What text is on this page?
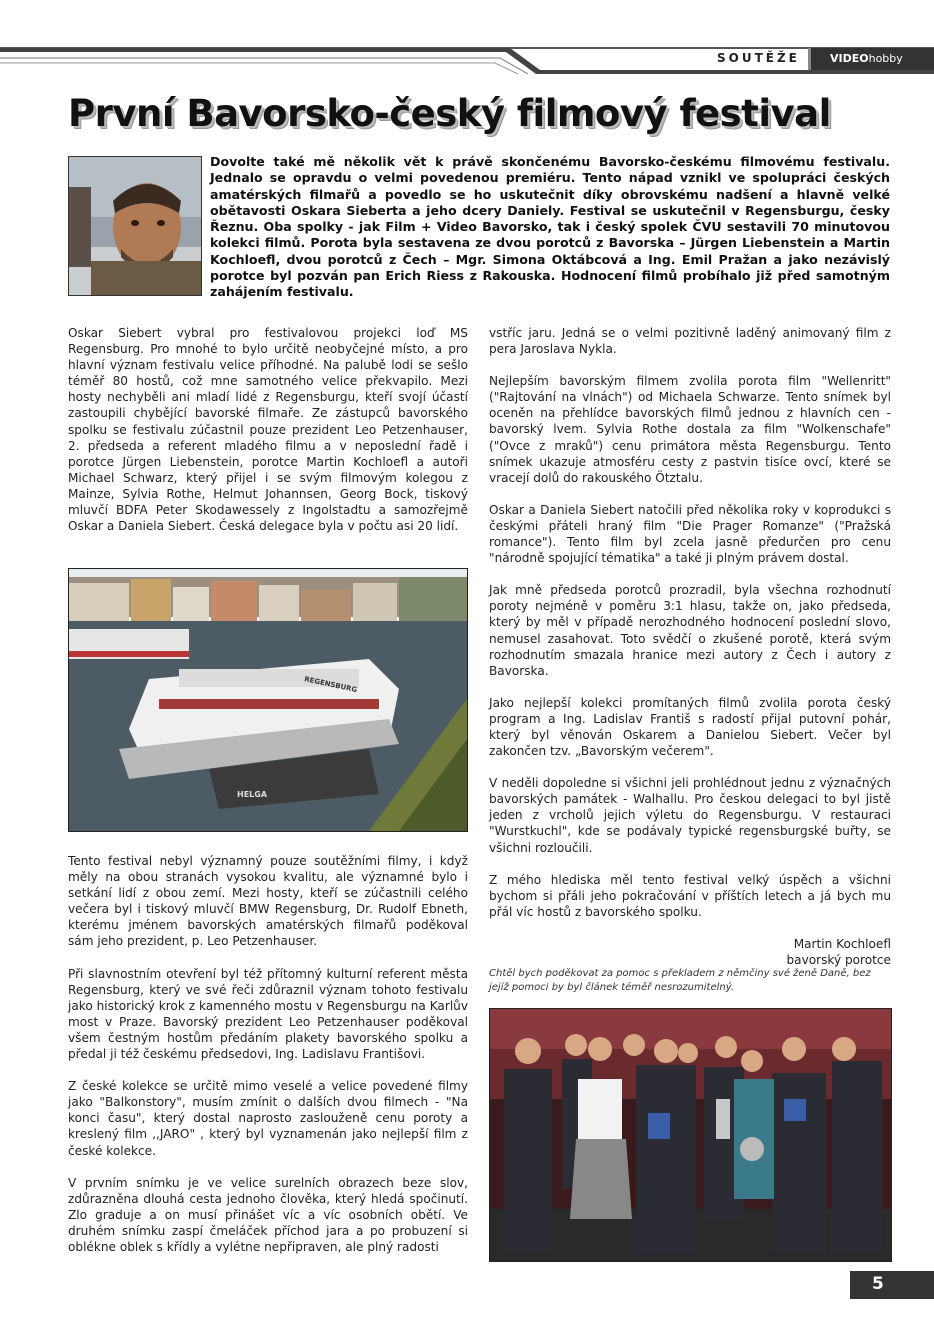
SOUTĚŽE	VIDEOhobby
První Bavorsko-český filmový festival
Dovolte také mě několik vět k právě skončenému Bavorsko-českému filmovému festivalu. Jednalo se opravdu o velmi povedenou premiéru. Tento nápad vznikl ve spolupráci českých amatérských filmařů a povedlo se ho uskutečnit díky obrovskému nadšení a hlavně velké obětavosti Oskara Sieberta a jeho dcery Daniely. Festival se uskutečnil v Regensburgu, česky Řeznu. Oba spolky - jak Film + Video Bavorsko, tak i český spolek ČVU sestavili 70 minutovou kolekci filmů. Porota byla sestavena ze dvou porotců z Bavorska – Jürgen Liebenstein a Martin Kochloefl, dvou porotců z Čech – Mgr. Simona Oktábcová a Ing. Emil Pražan a jako nezávislý porotce byl pozván pan Erich Riess z Rakouska. Hodnocení filmů probíhalo již před samotným zahájením festivalu.

Oskar Siebert vybral pro festivalovou projekci loď MS Regensburg. Pro mnohé to bylo určitě neobyčejné místo, a pro hlavní význam festivalu velice příhodné. Na palubě lodi se sešlo téměř 80 hostů, což mne samotného velice překvapilo. Mezi hosty nechyběli ani mladí lidé z Regensburgu, kteří svojí účastí zastoupili chybějící bavorské filmaře. Ze zástupců bavorského spolku se festivalu zúčastnil pouze prezident Leo Petzenhauser, 2. předseda a referent mladého filmu a v neposlední řadě i porotce Jürgen Liebenstein, porotce Martin Kochloefl a autoři Michael Schwarz, který přijel i se svým filmovým kolegou z Mainze, Sylvia Rothe, Helmut Johannsen, Georg Bock, tiskový mluvčí BDFA Peter Skodawessely z Ingolstadtu a samozřejmě Oskar a Daniela Siebert. Česká delegace byla v počtu asi 20 lidí.

HELGA
REGENSBURG

Tento festival nebyl významný pouze soutěžními filmy, i když měly na obou stranách vysokou kvalitu, ale významné bylo i setkání lidí z obou zemí. Mezi hosty, kteří se zúčastnili celého večera byl i tiskový mluvčí BMW Regensburg, Dr. Rudolf Ebneth, kterému jménem bavorských amatérských filmařů poděkoval sám jeho prezident, p. Leo Petzenhauser.

Při slavnostním otevření byl též přítomný kulturní referent města Regensburg, který ve své řeči zdůraznil význam tohoto festivalu jako historický krok z kamenného mostu v Regensburgu na Karlův most v Praze. Bavorský prezident Leo Petzenhauser poděkoval všem čestným hostům předáním plakety bavorského spolku a předal ji též českému předsedovi, Ing. Ladislavu Františovi.

Z české kolekce se určitě mimo veselé a velice povedené filmy jako "Balkonstory", musím zmínit o dalších dvou filmech - "Na konci času", který dostal naprosto zaslouženě cenu poroty a kreslený film ,,JARO" , který byl vyznamenán jako nejlepší film z české kolekce.

V prvním snímku je ve velice surelních obrazech beze slov, zdůrazněna dlouhá cesta jednoho člověka, který hledá spočinutí. Zlo graduje a on musí přinášet víc a víc osobních obětí. Ve druhém snímku zaspí čmeláček příchod jara a po probuzení si oblékne oblek s křídly a vylétne nepřipraven, ale plný radosti

vstříc jaru. Jedná se o velmi pozitivně laděný animovaný film z pera Jaroslava Nykla.

Nejlepším bavorským filmem zvolila porota film "Wellenritt" ("Rajtování na vlnách") od Michaela Schwarze. Tento snímek byl oceněn na přehlídce bavorských filmů jednou z hlavních cen - bavorský lvem. Sylvia Rothe dostala za film "Wolkenschafe" ("Ovce z mraků") cenu primátora města Regensburgu. Tento snímek ukazuje atmosféru cesty z pastvin tisíce ovcí, které se vracejí dolů do rakouského Ötztalu.

Oskar a Daniela Siebert natočili před několika roky v koprodukci s českými přáteli hraný film "Die Prager Romanze" ("Pražská romance"). Tento film byl zcela jasně předurčen pro cenu "národně spojující tématika" a také ji plným právem dostal.

Jak mně předseda porotců prozradil, byla všechna rozhodnutí poroty nejméně v poměru 3:1 hlasu, takže on, jako předseda, který by měl v případě nerozhodného hodnocení poslední slovo, nemusel zasahovat. Toto svědčí o zkušené porotě, která svým rozhodnutím smazala hranice mezi autory z Čech i autory z Bavorska.

Jako nejlepší kolekci promítaných filmů zvolila porota český program a Ing. Ladislav Františ s radostí přijal putovní pohár, který byl věnován Oskarem a Danielou Siebert. Večer byl zakončen tzv. „Bavorským večerem".

V neděli dopoledne si všichni jeli prohlédnout jednu z význačných bavorských památek - Walhallu. Pro českou delegaci to byl jistě jeden z vrcholů jejich výletu do Regensburgu. V restauraci "Wurstkuchl", kde se podávaly typické regensburgské buřty, se všichni rozloučili.

Z mého hlediska měl tento festival velký úspěch a všichni bychom si přáli jeho pokračování v příštích letech a já bych mu přál víc hostů z bavorského spolku.

Martin Kochloefl

bavorský porotce

Chtěl bych poděkovat za pomoc s překladem z němčiny své ženě Daně, bez jejíž pomoci by byl článek téměř nesrozumitelný.
5
